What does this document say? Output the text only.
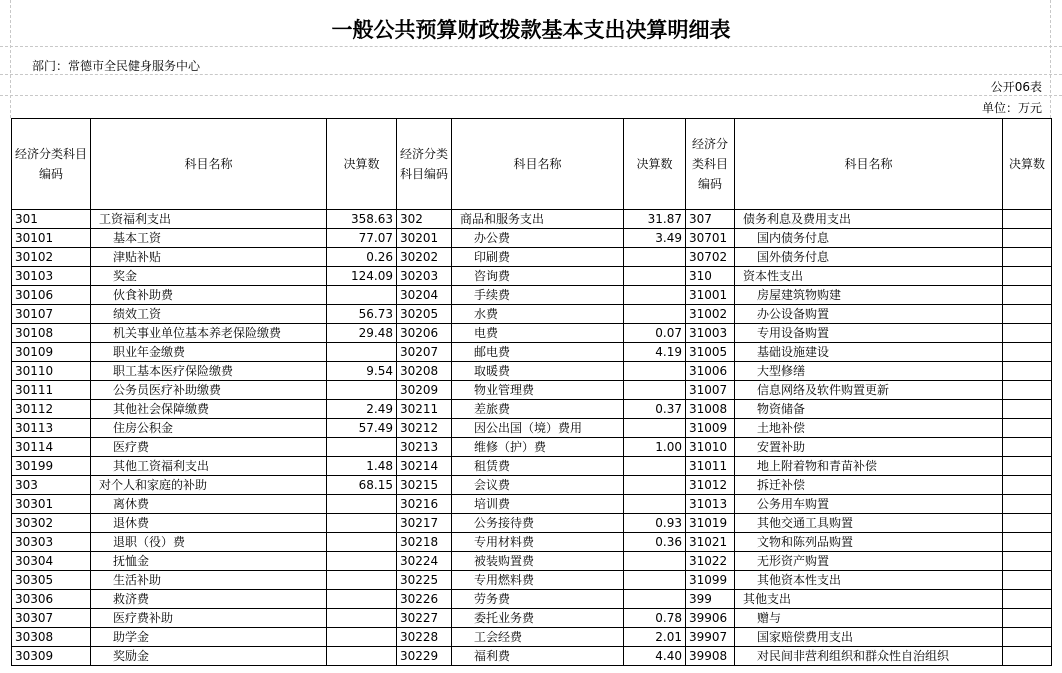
一般公共预算财政拨款基本支出决算明细表
部门：常德市全民健身服务中心
公开06表
单位：万元
经济分类科目编码	科目名称	决算数	经济分类科目编码	科目名称	决算数	经济分类科目编码	科目名称	决算数
301	工资福利支出	358.63	302	商品和服务支出	31.87	307	债务利息及费用支出	
30101	基本工资	77.07	30201	办公费	3.49	30701	国内债务付息	
30102	津贴补贴	0.26	30202	印刷费		30702	国外债务付息	
30103	奖金	124.09	30203	咨询费		310	资本性支出	
30106	伙食补助费		30204	手续费		31001	房屋建筑物购建	
30107	绩效工资	56.73	30205	水费		31002	办公设备购置	
30108	机关事业单位基本养老保险缴费	29.48	30206	电费	0.07	31003	专用设备购置	
30109	职业年金缴费		30207	邮电费	4.19	31005	基础设施建设	
30110	职工基本医疗保险缴费	9.54	30208	取暖费		31006	大型修缮	
30111	公务员医疗补助缴费		30209	物业管理费		31007	信息网络及软件购置更新	
30112	其他社会保障缴费	2.49	30211	差旅费	0.37	31008	物资储备	
30113	住房公积金	57.49	30212	因公出国（境）费用		31009	土地补偿	
30114	医疗费		30213	维修（护）费	1.00	31010	安置补助	
30199	其他工资福利支出	1.48	30214	租赁费		31011	地上附着物和青苗补偿	
303	对个人和家庭的补助	68.15	30215	会议费		31012	拆迁补偿	
30301	离休费		30216	培训费		31013	公务用车购置	
30302	退休费		30217	公务接待费	0.93	31019	其他交通工具购置	
30303	退职（役）费		30218	专用材料费	0.36	31021	文物和陈列品购置	
30304	抚恤金		30224	被装购置费		31022	无形资产购置	
30305	生活补助		30225	专用燃料费		31099	其他资本性支出	
30306	救济费		30226	劳务费		399	其他支出	
30307	医疗费补助		30227	委托业务费	0.78	39906	赠与	
30308	助学金		30228	工会经费	2.01	39907	国家赔偿费用支出	
30309	奖励金		30229	福利费	4.40	39908	对民间非营利组织和群众性自治组织	
